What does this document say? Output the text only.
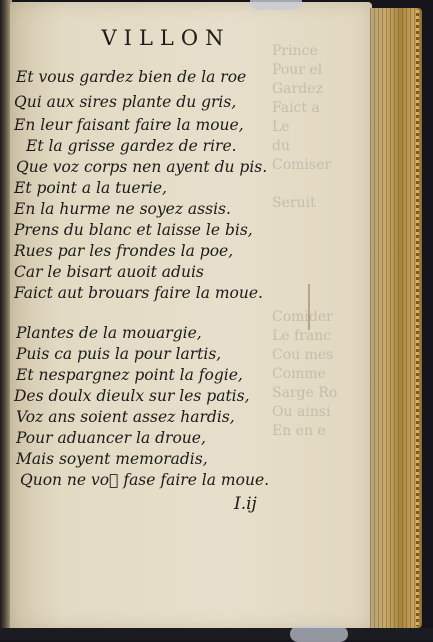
Prince
Pour el
Gardez
Faict a
Le
du
Comiser

Seruit

Comider
Le franc
Cou mes
Comme
Sarge Ro
Ou ainsi
En en e
VILLON
Et vous gardez bien de la roe
Qui aux sires plante du gris,
En leur faisant faire la moue,
Et la grisse gardez de rire.
Que voz corps nen ayent du pis.
Et point a la tuerie,
En la hurme ne soyez assis.
Prens du blanc et laisse le bis,
Rues par les frondes la poe,
Car le bisart auoit aduis
Faict aut brouars faire la moue.
Plantes de la mouargie,
Puis ca puis la pour lartis,
Et nespargnez point la fogie,
Des doulx dieulx sur les patis,
Voz ans soient assez hardis,
Pour aduancer la droue,
Mais soyent memoradis,
Quon ne vo᷒ fase faire la moue.
I.ij
